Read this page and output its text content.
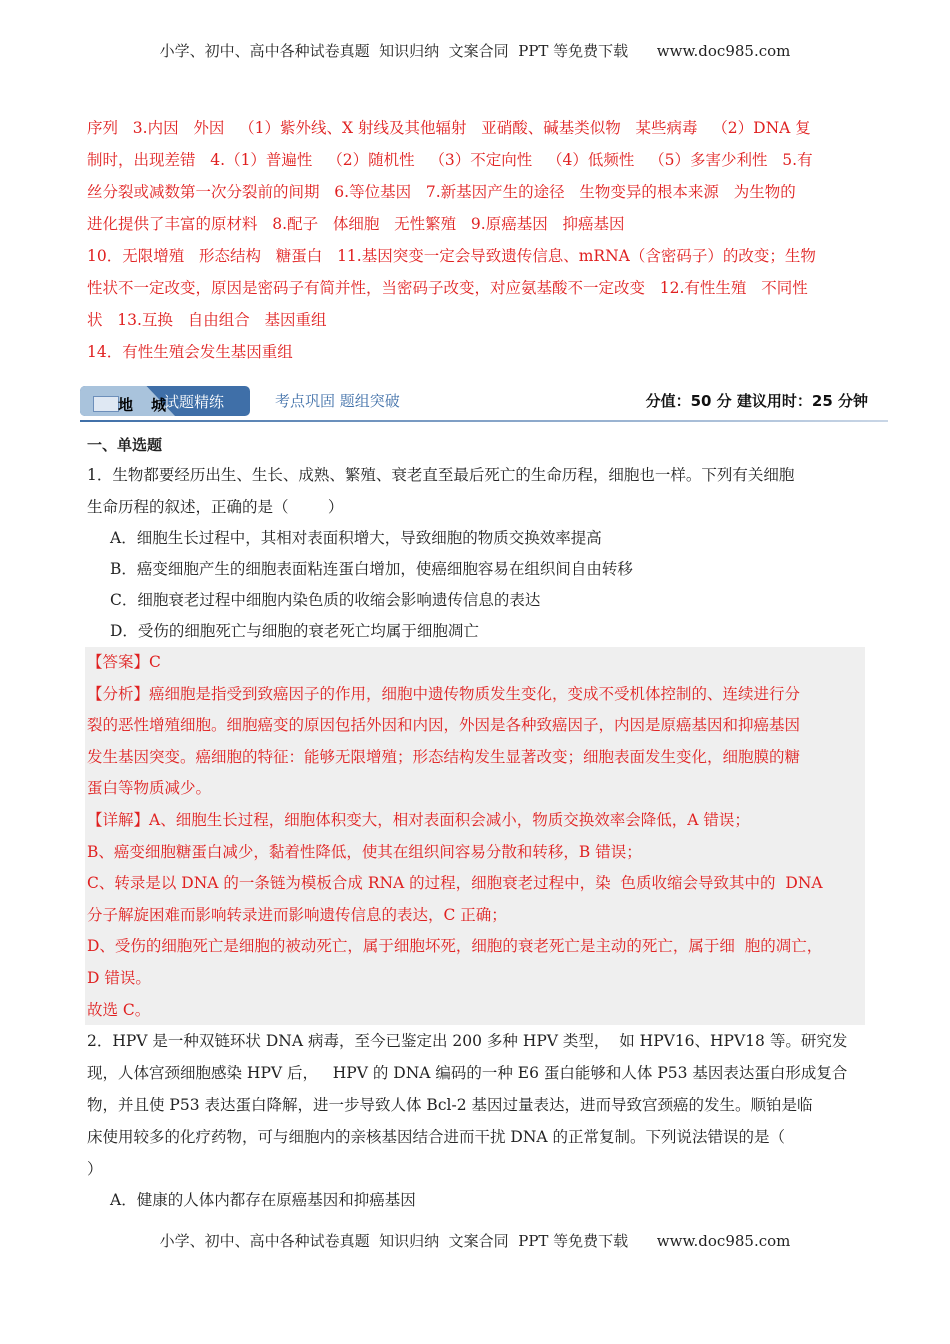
小学、初中、高中各种试卷真题  知识归纳  文案合同  PPT 等免费下载      www.doc985.com
序列   3.内因   外因   （1）紫外线、X 射线及其他辐射   亚硝酸、碱基类似物   某些病毒   （2）DNA 复
制时，出现差错   4.（1）普遍性   （2）随机性   （3）不定向性   （4）低频性   （5）多害少利性   5.有
丝分裂或减数第一次分裂前的间期   6.等位基因   7.新基因产生的途径   生物变异的根本来源   为生物的
进化提供了丰富的原材料   8.配子   体细胞   无性繁殖   9.原癌基因   抑癌基因
10．无限增殖   形态结构   糖蛋白   11.基因突变一定会导致遗传信息、mRNA（含密码子）的改变；生物
性状不一定改变，原因是密码子有简并性，当密码子改变，对应氨基酸不一定改变   12.有性生殖   不同性
状   13.互换   自由组合   基因重组
14．有性生殖会发生基因重组
地城
试题精练	考点巩固 题组突破	分值：50 分 建议用时：25 分钟
一、单选题
1．生物都要经历出生、生长、成熟、繁殖、衰老直至最后死亡的生命历程，细胞也一样。下列有关细胞
生命历程的叙述，正确的是（        ）
A．细胞生长过程中，其相对表面积增大，导致细胞的物质交换效率提高
B．癌变细胞产生的细胞表面粘连蛋白增加，使癌细胞容易在组织间自由转移
C．细胞衰老过程中细胞内染色质的收缩会影响遗传信息的表达
D．受伤的细胞死亡与细胞的衰老死亡均属于细胞凋亡
【答案】C
【分析】癌细胞是指受到致癌因子的作用，细胞中遗传物质发生变化，变成不受机体控制的、连续进行分
裂的恶性增殖细胞。细胞癌变的原因包括外因和内因，外因是各种致癌因子，内因是原癌基因和抑癌基因
发生基因突变。癌细胞的特征：能够无限增殖；形态结构发生显著改变；细胞表面发生变化，细胞膜的糖
蛋白等物质减少。
【详解】A、细胞生长过程，细胞体积变大，相对表面积会减小，物质交换效率会降低，A 错误；
B、癌变细胞糖蛋白减少，黏着性降低，使其在组织间容易分散和转移，B 错误；
C、转录是以 DNA 的一条链为模板合成 RNA 的过程，细胞衰老过程中，染  色质收缩会导致其中的  DNA
分子解旋困难而影响转录进而影响遗传信息的表达，C 正确；
D、受伤的细胞死亡是细胞的被动死亡，属于细胞坏死，细胞的衰老死亡是主动的死亡，属于细  胞的凋亡，
D 错误。
故选 C。
2．HPV 是一种双链环状 DNA 病毒，至今已鉴定出 200 多种 HPV 类型，  如 HPV16、HPV18 等。研究发
现，人体宫颈细胞感染 HPV 后，   HPV 的 DNA 编码的一种 E6 蛋白能够和人体 P53 基因表达蛋白形成复合
物，并且使 P53 表达蛋白降解，进一步导致人体 Bcl-2 基因过量表达，进而导致宫颈癌的发生。顺铂是临
床使用较多的化疗药物，可与细胞内的亲核基因结合进而干扰 DNA 的正常复制。下列说法错误的是（
）
A．健康的人体内都存在原癌基因和抑癌基因
小学、初中、高中各种试卷真题  知识归纳  文案合同  PPT 等免费下载      www.doc985.com
